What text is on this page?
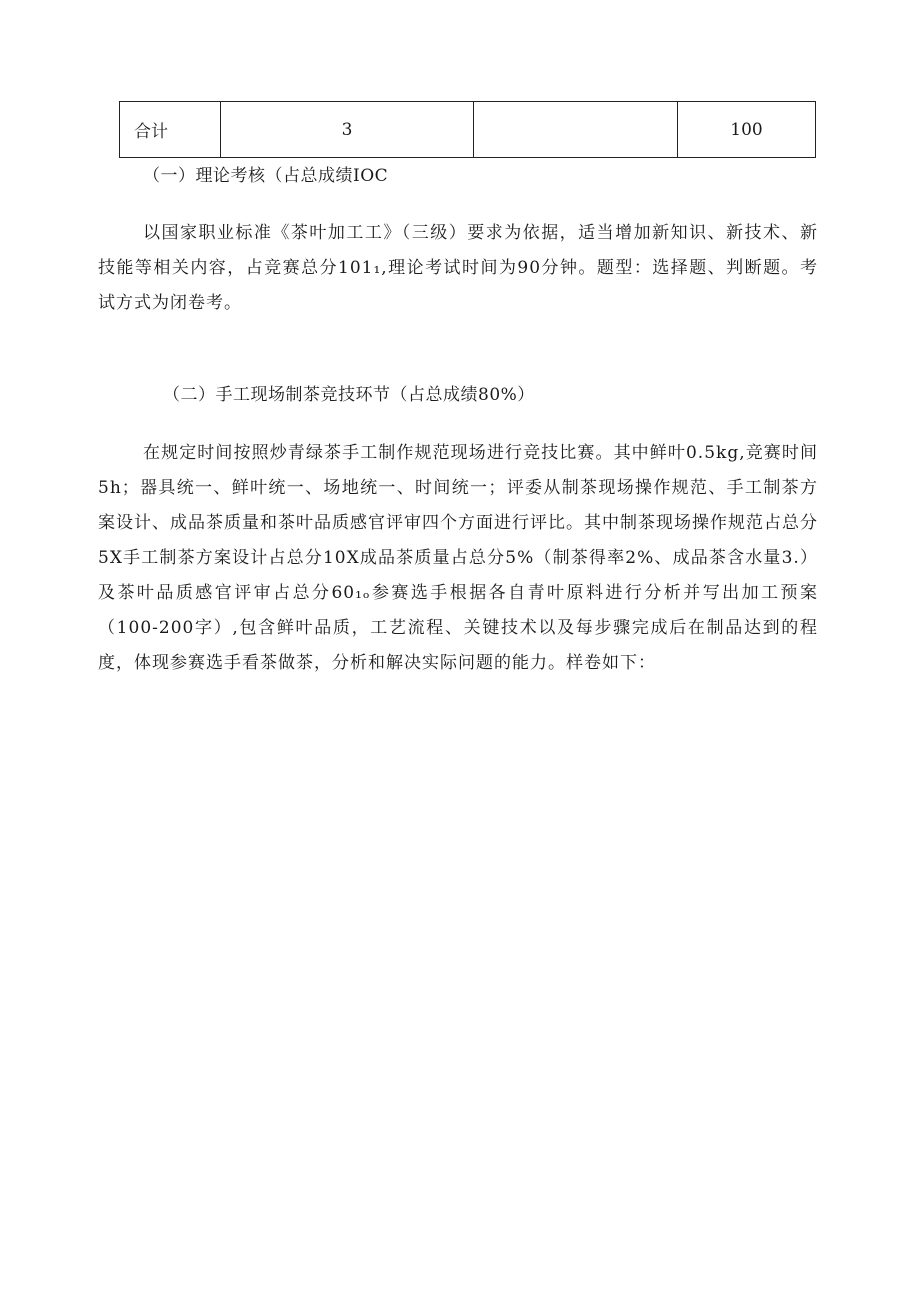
合计	3		100
（一）理论考核（占总成绩IOC

以国家职业标准《茶叶加工工》（三级）要求为依据，适当增加新知识、新技术、新技能等相关内容，占竞赛总分101₁,理论考试时间为90分钟。题型：选择题、判断题。考试方式为闭卷考。

（二）手工现场制茶竞技环节（占总成绩80%）

在规定时间按照炒青绿茶手工制作规范现场进行竞技比赛。其中鲜叶0.5kg,竞赛时间5h；器具统一、鲜叶统一、场地统一、时间统一；评委从制茶现场操作规范、手工制茶方案设计、成品茶质量和茶叶品质感官评审四个方面进行评比。其中制茶现场操作规范占总分5X手工制茶方案设计占总分10X成品茶质量占总分5%（制茶得率2%、成品茶含水量3.）及茶叶品质感官评审占总分60₁ₒ参赛选手根据各自青叶原料进行分析并写出加工预案（100-200字）,包含鲜叶品质，工艺流程、关键技术以及每步骤完成后在制品达到的程度，体现参赛选手看茶做茶，分析和解决实际问题的能力。样卷如下：
